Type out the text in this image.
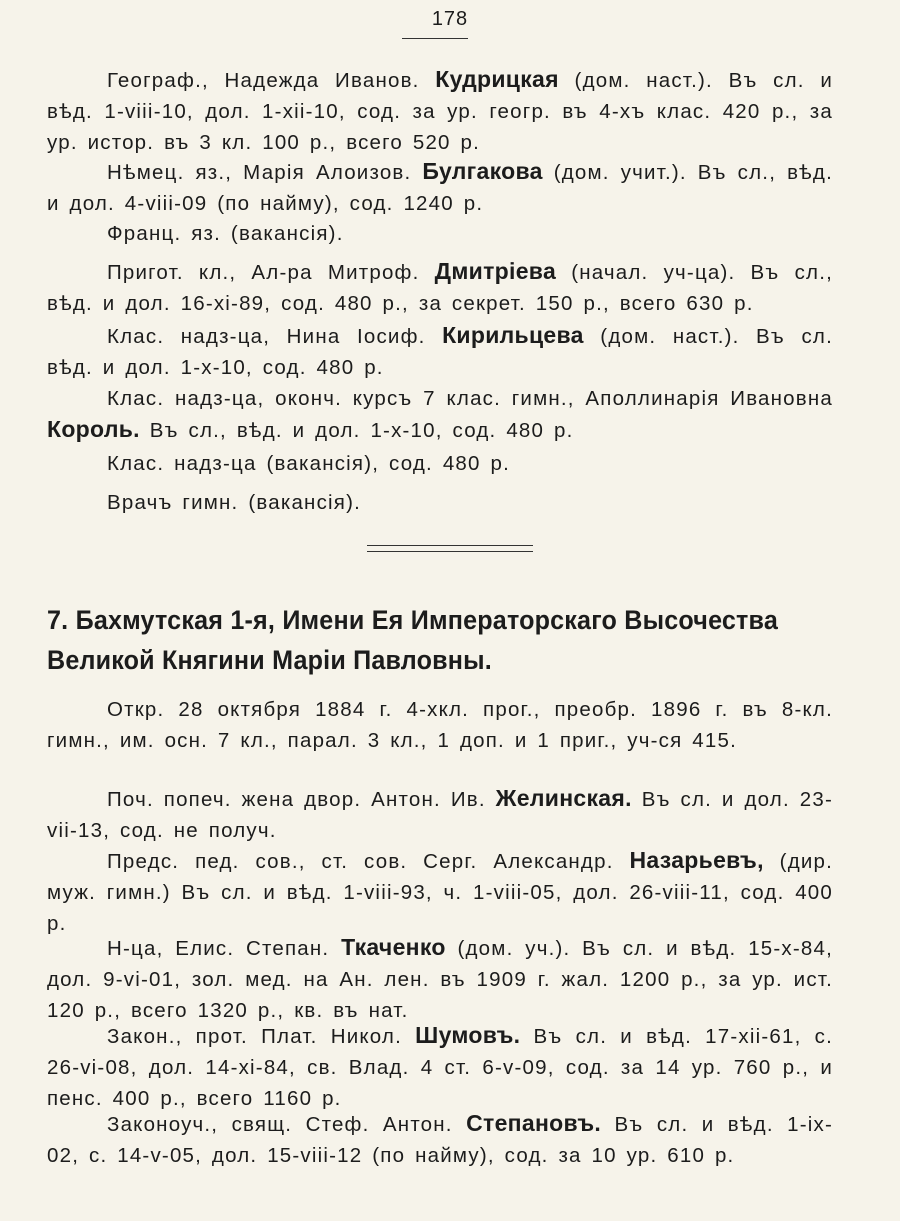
178

Географ., Надежда Иванов. Кудрицкая (дом. наст.). Въ сл. и вѣд. 1-viii-10, дол. 1-xii-10, сод. за ур. геогр. въ 4-хъ клас. 420 р., за ур. истор. въ 3 кл. 100 р., всего 520 р.

Нѣмец. яз., Марія Алоизов. Булгакова (дом. учит.). Въ сл., вѣд. и дол. 4-viii-09 (по найму), сод. 1240 р.

Франц. яз. (вакансія).

Пригот. кл., Ал-ра Митроф. Дмитріева (начал. уч-ца). Въ сл., вѣд. и дол. 16-xi-89, сод. 480 р., за секрет. 150 р., всего 630 р.

Клас. надз-ца, Нина Іосиф. Кирильцева (дом. наст.). Въ сл. вѣд. и дол. 1-x-10, сод. 480 р.

Клас. надз-ца, оконч. курсъ 7 клас. гимн., Аполлинарія Ивановна Король. Въ сл., вѣд. и дол. 1-x-10, сод. 480 р.

Клас. надз-ца (вакансія), сод. 480 р.

Врачъ гимн. (вакансія).

7. Бахмутская 1-я, Имени Ея Императорскаго Высочества Великой Княгини Маріи Павловны.

Откр. 28 октября 1884 г. 4-хкл. прог., преобр. 1896 г. въ 8-кл. гимн., им. осн. 7 кл., парал. 3 кл., 1 доп. и 1 приг., уч-ся 415.

Поч. попеч. жена двор. Антон. Ив. Желинская. Въ сл. и дол. 23-vii-13, сод. не получ.

Предс. пед. сов., ст. сов. Серг. Александр. Назарьевъ, (дир. муж. гимн.) Въ сл. и вѣд. 1-viii-93, ч. 1-viii-05, дол. 26-viii-11, сод. 400 р.

Н-ца, Елис. Степан. Ткаченко (дом. уч.). Въ сл. и вѣд. 15-x-84, дол. 9-vi-01, зол. мед. на Ан. лен. въ 1909 г. жал. 1200 р., за ур. ист. 120 р., всего 1320 р., кв. въ нат.

Закон., прот. Плат. Никол. Шумовъ. Въ сл. и вѣд. 17-xii-61, с. 26-vi-08, дол. 14-xi-84, св. Влад. 4 ст. 6-v-09, сод. за 14 ур. 760 р., и пенс. 400 р., всего 1160 р.

Законоуч., свящ. Стеф. Антон. Степановъ. Въ сл. и вѣд. 1-ix-02, с. 14-v-05, дол. 15-viii-12 (по найму), сод. за 10 ур. 610 р.
